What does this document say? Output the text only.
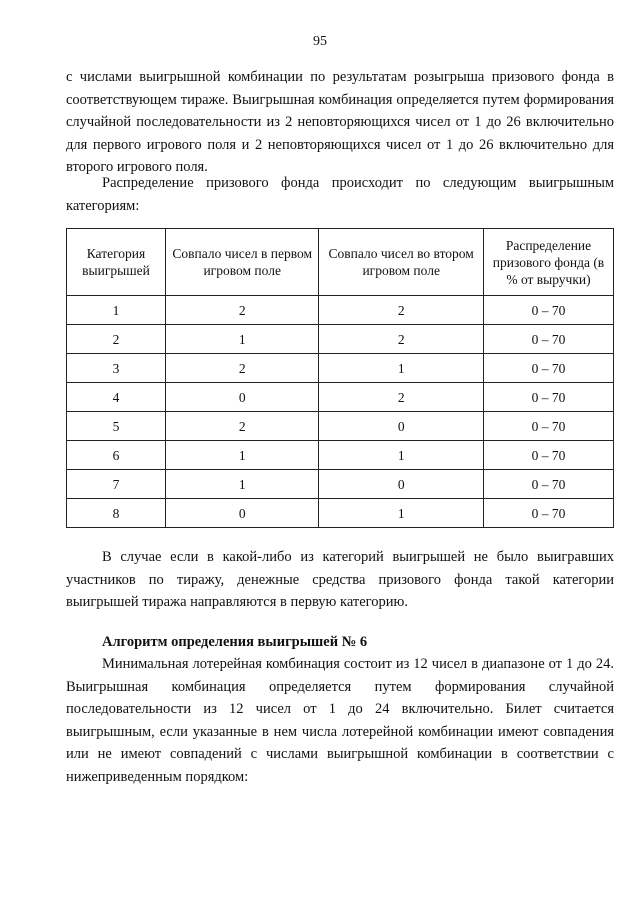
95

с числами выигрышной комбинации по результатам розыгрыша призового фонда в соответствующем тираже. Выигрышная комбинация определяется путем формирования случайной последовательности из 2 неповторяющихся чисел от 1 до 26 включительно для первого игрового поля и 2 неповторяющихся чисел от 1 до 26 включительно для второго игрового поля.

Распределение призового фонда происходит по следующим выигрышным категориям:

Категория выигрышей	Совпало чисел в первом игровом поле	Совпало чисел во втором игровом поле	Распределение призового фонда (в % от выручки)
1	2	2	0 – 70
2	1	2	0 – 70
3	2	1	0 – 70
4	0	2	0 – 70
5	2	0	0 – 70
6	1	1	0 – 70
7	1	0	0 – 70
8	0	1	0 – 70

В случае если в какой-либо из категорий выигрышей не было выигравших участников по тиражу, денежные средства призового фонда такой категории выигрышей тиража направляются в первую категорию.

Алгоритм определения выигрышей № 6

Минимальная лотерейная комбинация состоит из 12 чисел в диапазоне от 1 до 24. Выигрышная комбинация определяется путем формирования случайной последовательности из 12 чисел от 1 до 24 включительно. Билет считается выигрышным, если указанные в нем числа лотерейной комбинации имеют совпадения или не имеют совпадений с числами выигрышной комбинации в соответствии с нижеприведенным порядком:
